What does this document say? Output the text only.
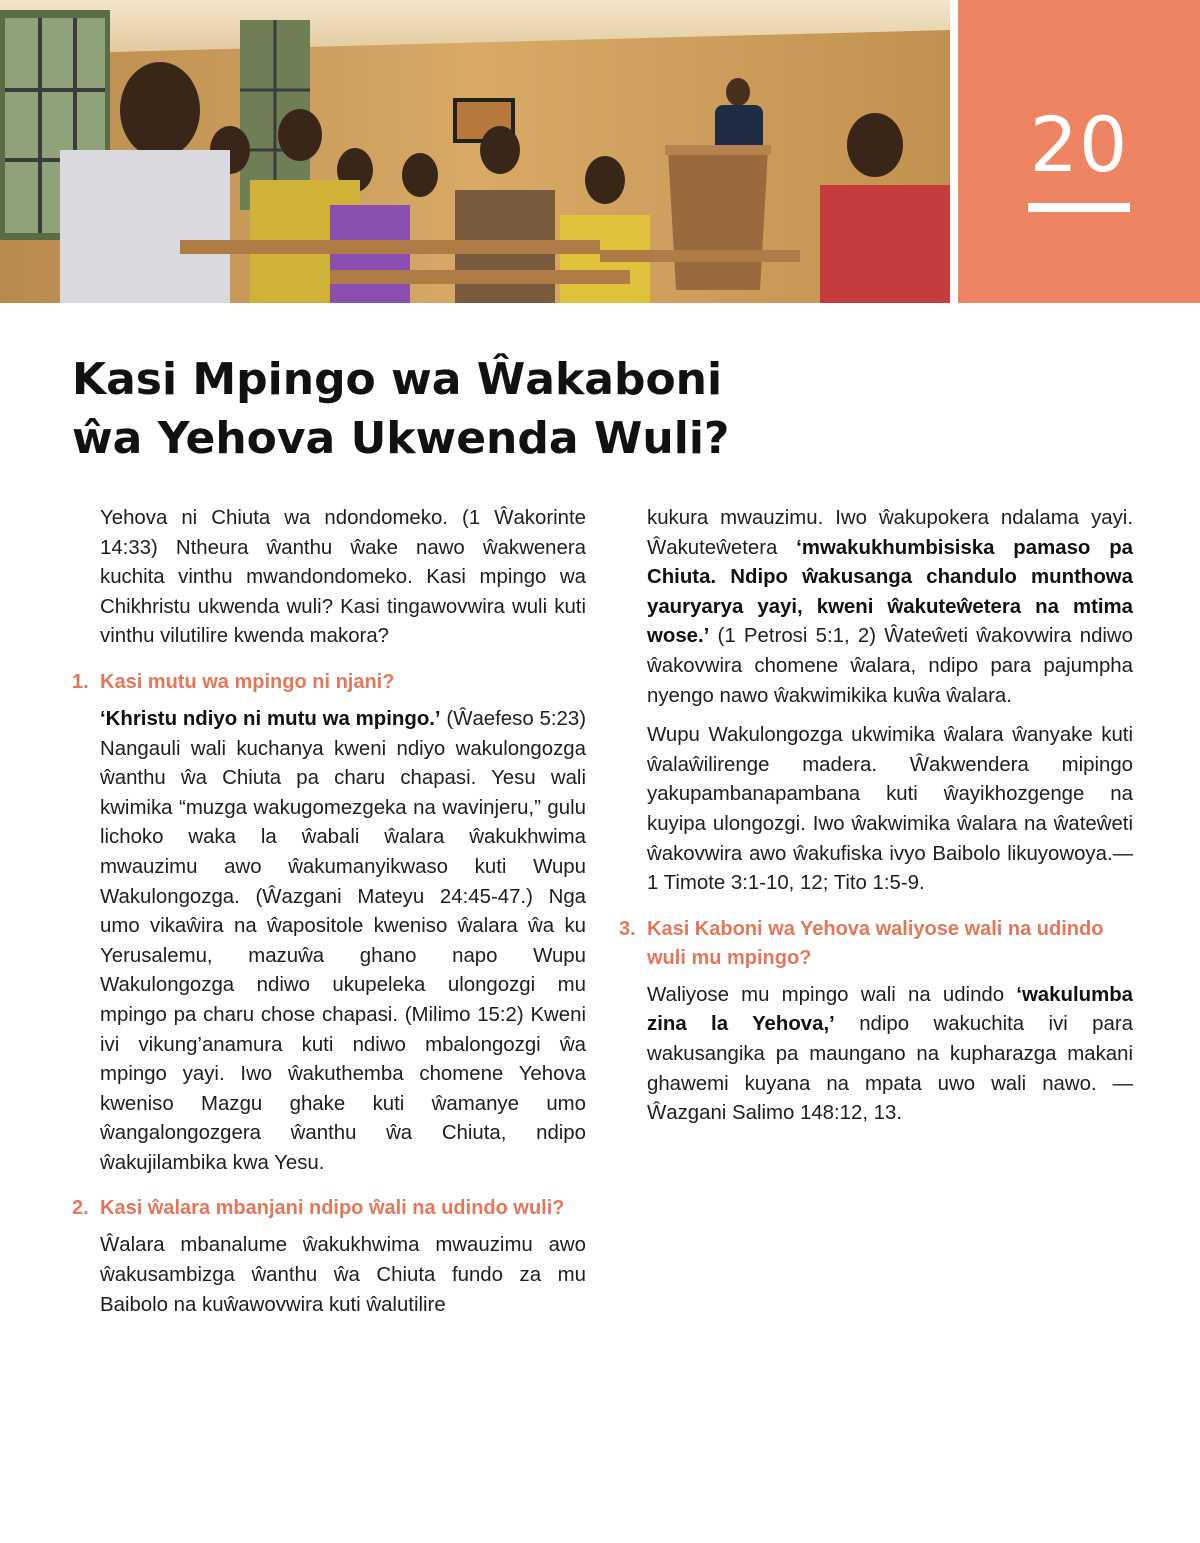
20
Kasi Mpingo wa Ŵakaboni
ŵa Yehova Ukwenda Wuli?

Yehova ni Chiuta wa ndondomeko. (1 Ŵakorinte 14:33) Ntheura ŵanthu ŵake nawo ŵakwenera kuchita vinthu mwandondomeko. Kasi mpingo wa Chikhristu ukwenda wuli? Kasi tingawovwira wuli kuti vinthu vilutilire kwenda makora?

1. Kasi mutu wa mpingo ni njani?

‘Khristu ndiyo ni mutu wa mpingo.’ (Ŵaefeso 5:23) Nangauli wali kuchanya kweni ndiyo wakulongozga ŵanthu ŵa Chiuta pa charu chapasi. Yesu wali kwimika “muzga wakugomezgeka na wavinjeru,” gulu lichoko waka la ŵabali ŵalara ŵakukhwima mwauzimu awo ŵakumanyikwaso kuti Wupu Wakulongozga. (Ŵazgani Mateyu 24:45-47.) Nga umo vikaŵira na ŵapositole kweniso ŵalara ŵa ku Yerusalemu, mazuŵa ghano napo Wupu Wakulongozga ndiwo ukupeleka ulongozgi mu mpingo pa charu chose chapasi. (Milimo 15:2) Kweni ivi vikung’anamura kuti ndiwo mbalongozgi ŵa mpingo yayi. Iwo ŵakuthemba chomene Yehova kweniso Mazgu ghake kuti ŵamanye umo ŵangalongozgera ŵanthu ŵa Chiuta, ndipo ŵakujilambika kwa Yesu.

2. Kasi ŵalara mbanjani ndipo ŵali na udindo wuli?

Ŵalara mbanalume ŵakukhwima mwauzimu awo ŵakusambizga ŵanthu ŵa Chiuta fundo za mu Baibolo na kuŵawovwira kuti ŵalutilire

kukura mwauzimu. Iwo ŵakupokera ndalama yayi. Ŵakuteŵetera ‘mwakukhumbisiska pamaso pa Chiuta. Ndipo ŵakusanga chandulo munthowa yauryarya yayi, kweni ŵakuteŵetera na mtima wose.’ (1 Petrosi 5:1, 2) Ŵateŵeti ŵakovwira ndiwo ŵakovwira chomene ŵalara, ndipo para pajumpha nyengo nawo ŵakwimikika kuŵa ŵalara.

Wupu Wakulongozga ukwimika ŵalara ŵanyake kuti ŵalaŵilirenge madera. Ŵakwendera mipingo yakupambanapambana kuti ŵayikhozgenge na kuyipa ulongozgi. Iwo ŵakwimika ŵalara na ŵateŵeti ŵakovwira awo ŵakufiska ivyo Baibolo likuyowoya.—1 Timote 3:1-10, 12; Tito 1:5-9.

3. Kasi Kaboni wa Yehova waliyose wali na udindo wuli mu mpingo?

Waliyose mu mpingo wali na udindo ‘wakulumba zina la Yehova,’ ndipo wakuchita ivi para wakusangika pa maungano na kupharazga makani ghawemi kuyana na mpata uwo wali nawo. —Ŵazgani Salimo 148:12, 13.
